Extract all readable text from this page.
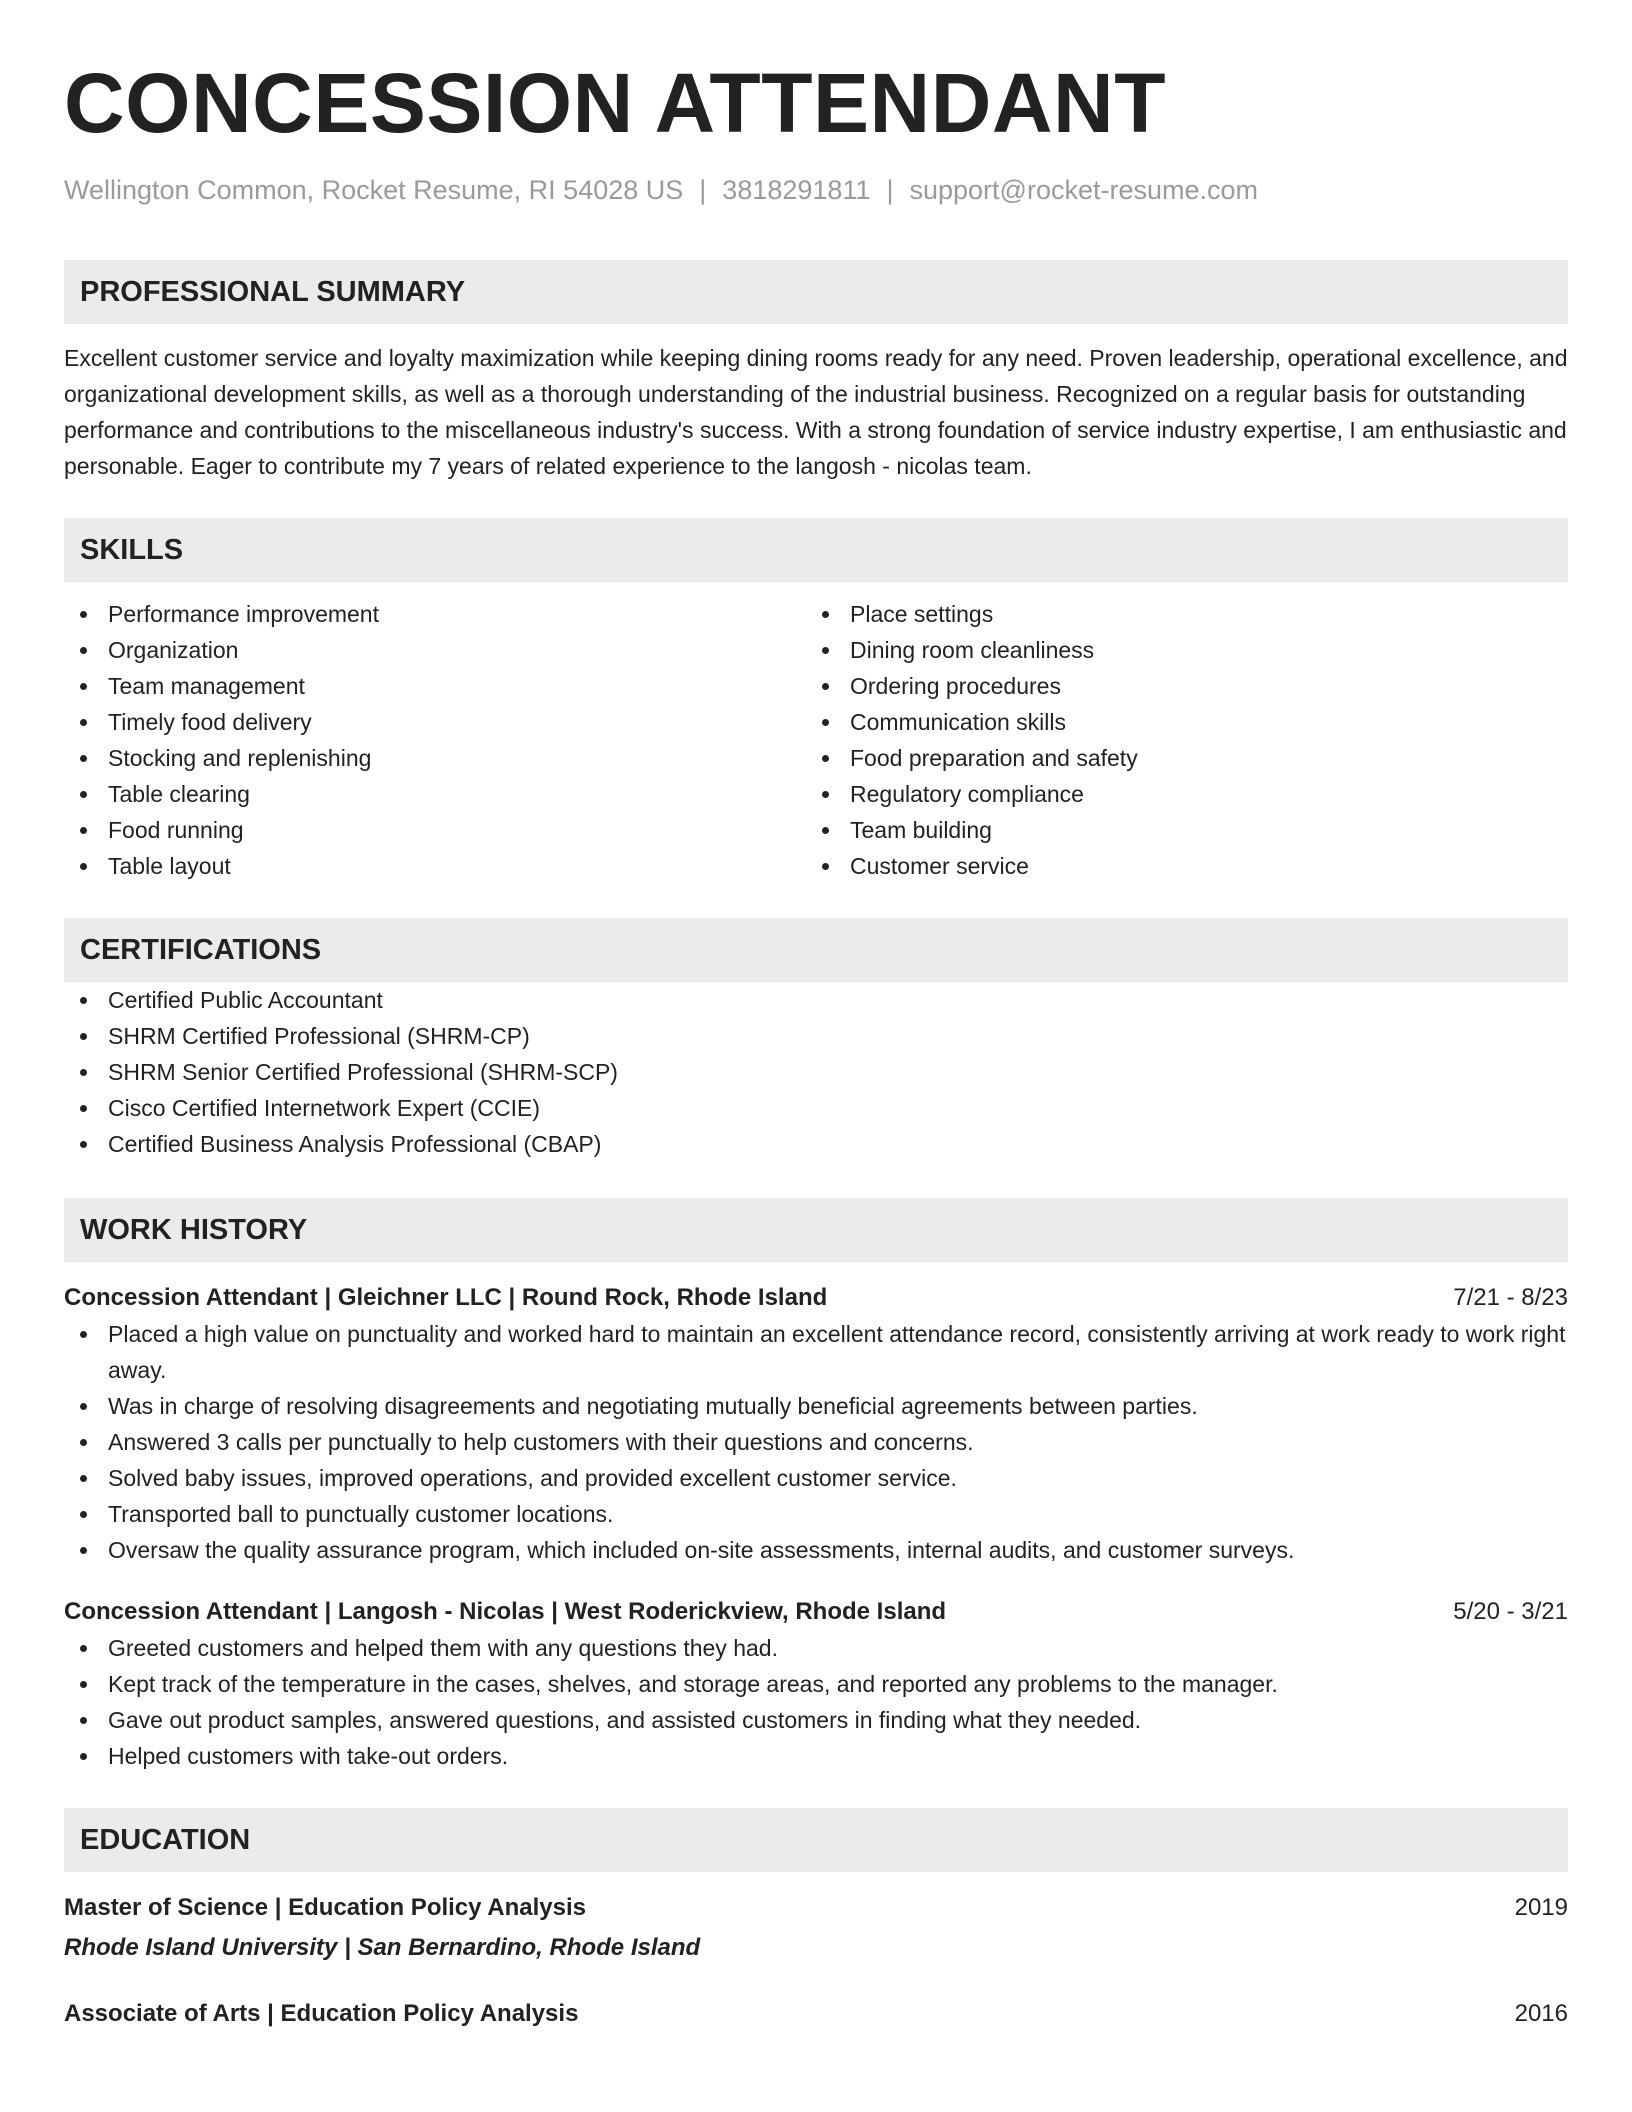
CONCESSION ATTENDANT
Wellington Common, Rocket Resume, RI 54028 US | 3818291811 | support@rocket-resume.com
PROFESSIONAL SUMMARY
Excellent customer service and loyalty maximization while keeping dining rooms ready for any need. Proven leadership, operational excellence, and organizational development skills, as well as a thorough understanding of the industrial business. Recognized on a regular basis for outstanding performance and contributions to the miscellaneous industry's success. With a strong foundation of service industry expertise, I am enthusiastic and personable. Eager to contribute my 7 years of related experience to the langosh - nicolas team.
SKILLS
Performance improvement
Organization
Team management
Timely food delivery
Stocking and replenishing
Table clearing
Food running
Table layout
Place settings
Dining room cleanliness
Ordering procedures
Communication skills
Food preparation and safety
Regulatory compliance
Team building
Customer service
CERTIFICATIONS
Certified Public Accountant
SHRM Certified Professional (SHRM-CP)
SHRM Senior Certified Professional (SHRM-SCP)
Cisco Certified Internetwork Expert (CCIE)
Certified Business Analysis Professional (CBAP)
WORK HISTORY
Concession Attendant | Gleichner LLC | Round Rock, Rhode Island	7/21 - 8/23
Placed a high value on punctuality and worked hard to maintain an excellent attendance record, consistently arriving at work ready to work right away.
Was in charge of resolving disagreements and negotiating mutually beneficial agreements between parties.
Answered 3 calls per punctually to help customers with their questions and concerns.
Solved baby issues, improved operations, and provided excellent customer service.
Transported ball to punctually customer locations.
Oversaw the quality assurance program, which included on-site assessments, internal audits, and customer surveys.
Concession Attendant | Langosh - Nicolas | West Roderickview, Rhode Island	5/20 - 3/21
Greeted customers and helped them with any questions they had.
Kept track of the temperature in the cases, shelves, and storage areas, and reported any problems to the manager.
Gave out product samples, answered questions, and assisted customers in finding what they needed.
Helped customers with take-out orders.
EDUCATION
Master of Science | Education Policy Analysis	2019
Rhode Island University | San Bernardino, Rhode Island
Associate of Arts | Education Policy Analysis	2016
